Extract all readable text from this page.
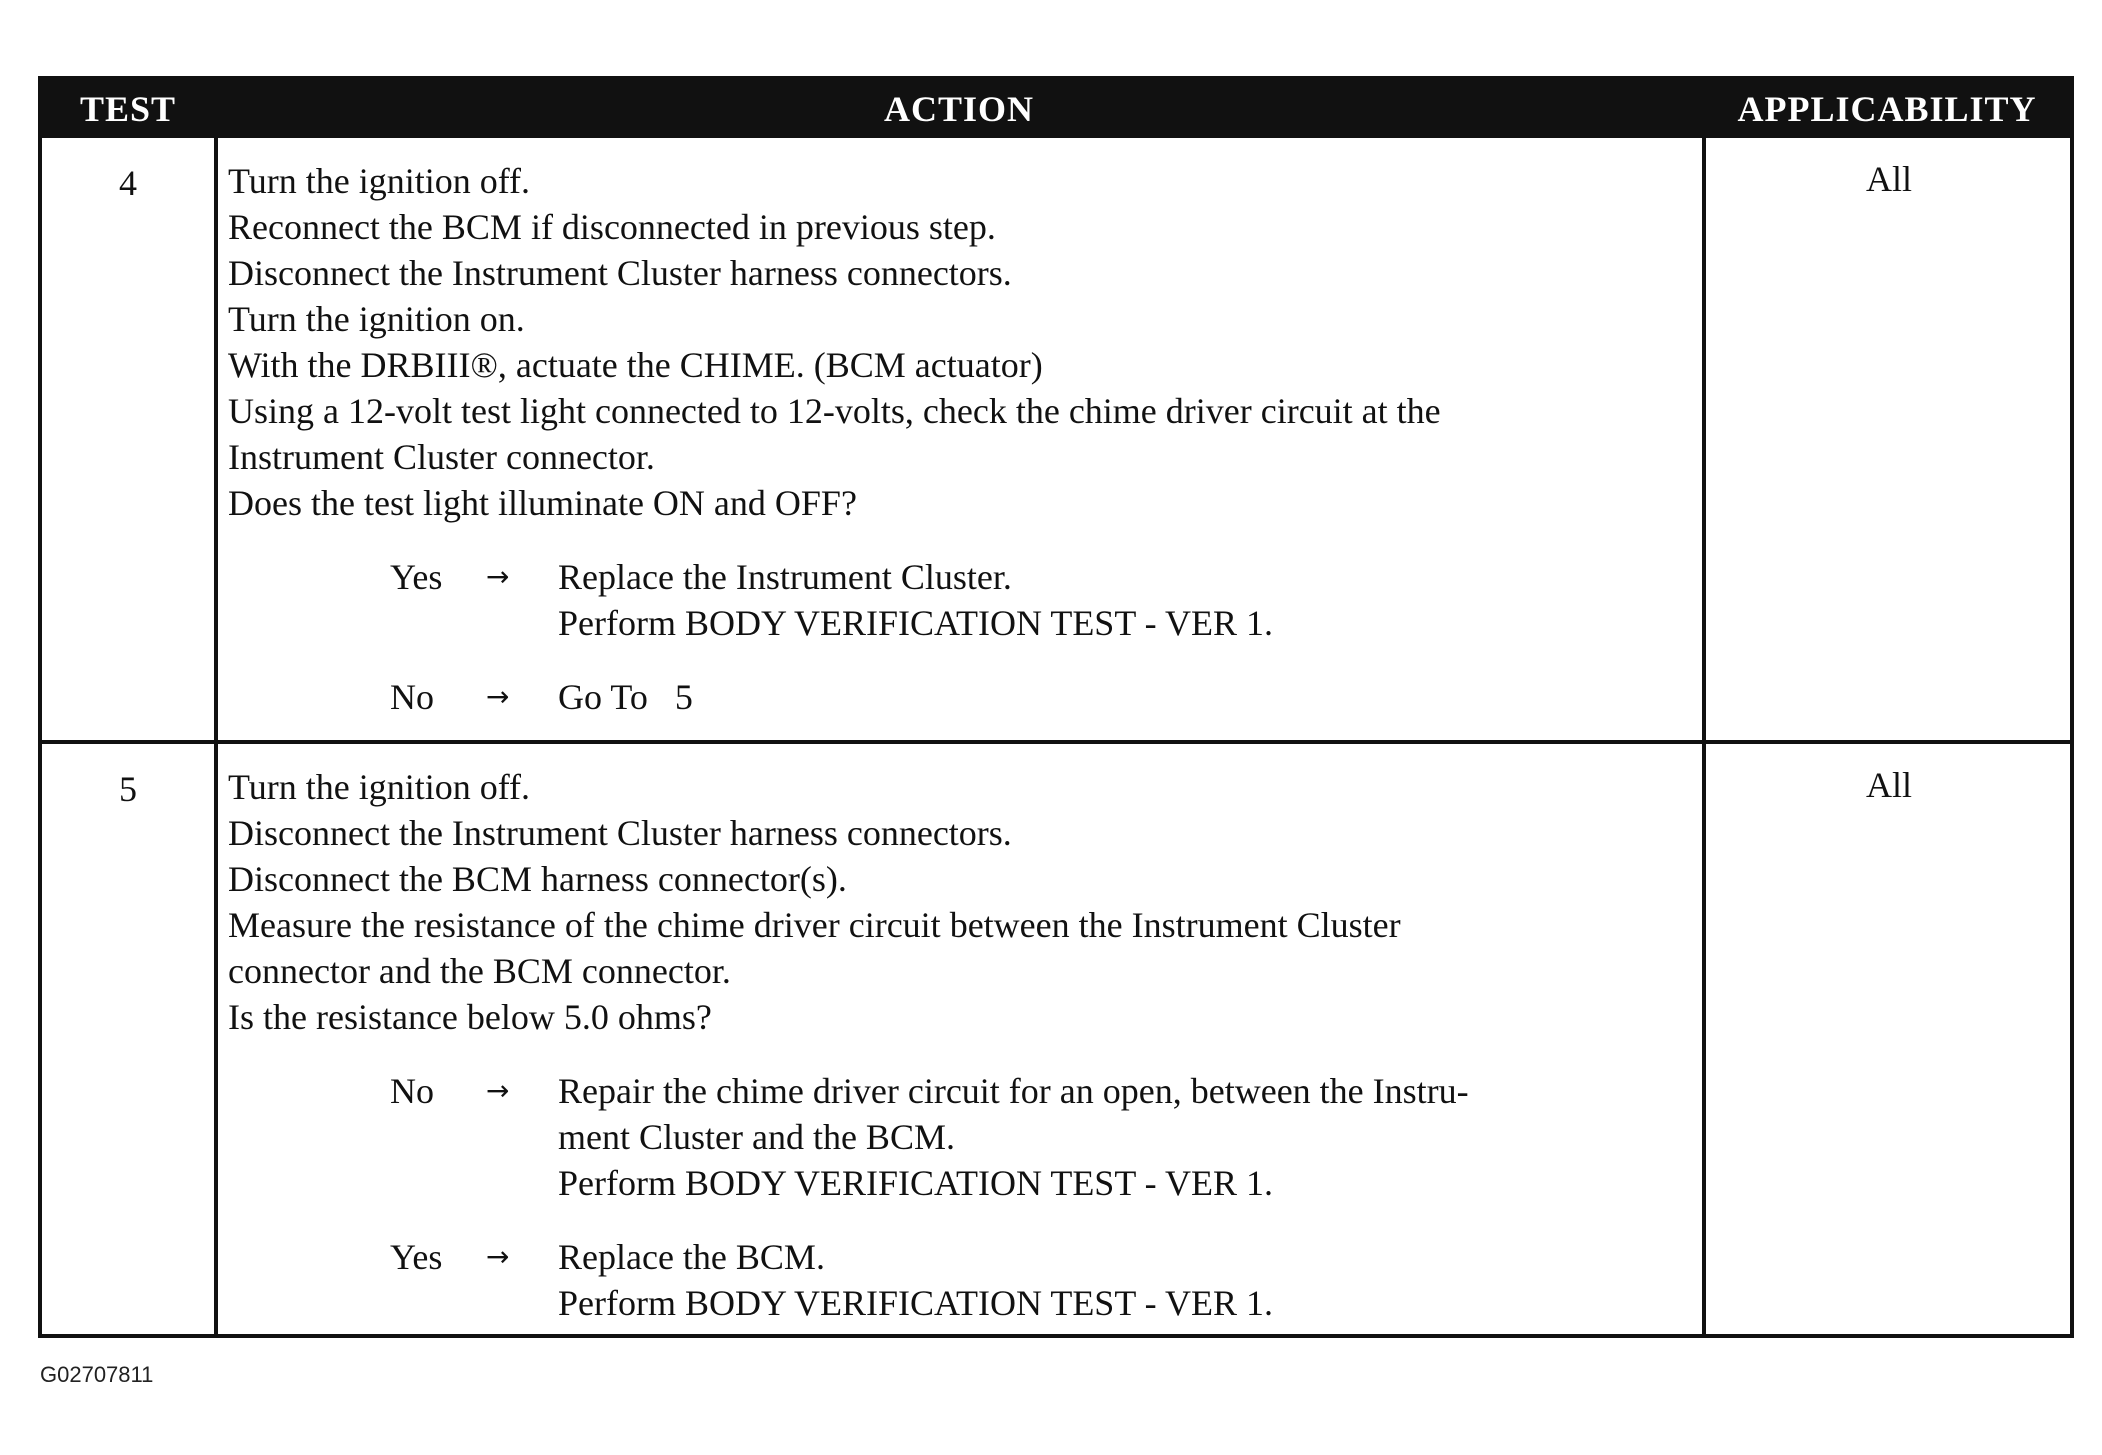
TEST	ACTION	APPLICABILITY
4	Turn the ignition off.
Reconnect the BCM if disconnected in previous step.
Disconnect the Instrument Cluster harness connectors.
Turn the ignition on.
With the DRBIII®, actuate the CHIME. (BCM actuator)
Using a 12-volt test light connected to 12-volts, check the chime driver circuit at the
Instrument Cluster connector.
Does the test light illuminate ON and OFF?
Yes	→	Replace the Instrument Cluster.
Perform BODY VERIFICATION TEST - VER 1.
No	→	Go To   5
All
5	Turn the ignition off.
Disconnect the Instrument Cluster harness connectors.
Disconnect the BCM harness connector(s).
Measure the resistance of the chime driver circuit between the Instrument Cluster
connector and the BCM connector.
Is the resistance below 5.0 ohms?
No	→	Repair the chime driver circuit for an open, between the Instru-
ment Cluster and the BCM.
Perform BODY VERIFICATION TEST - VER 1.
Yes	→	Replace the BCM.
Perform BODY VERIFICATION TEST - VER 1.
All
G02707811
